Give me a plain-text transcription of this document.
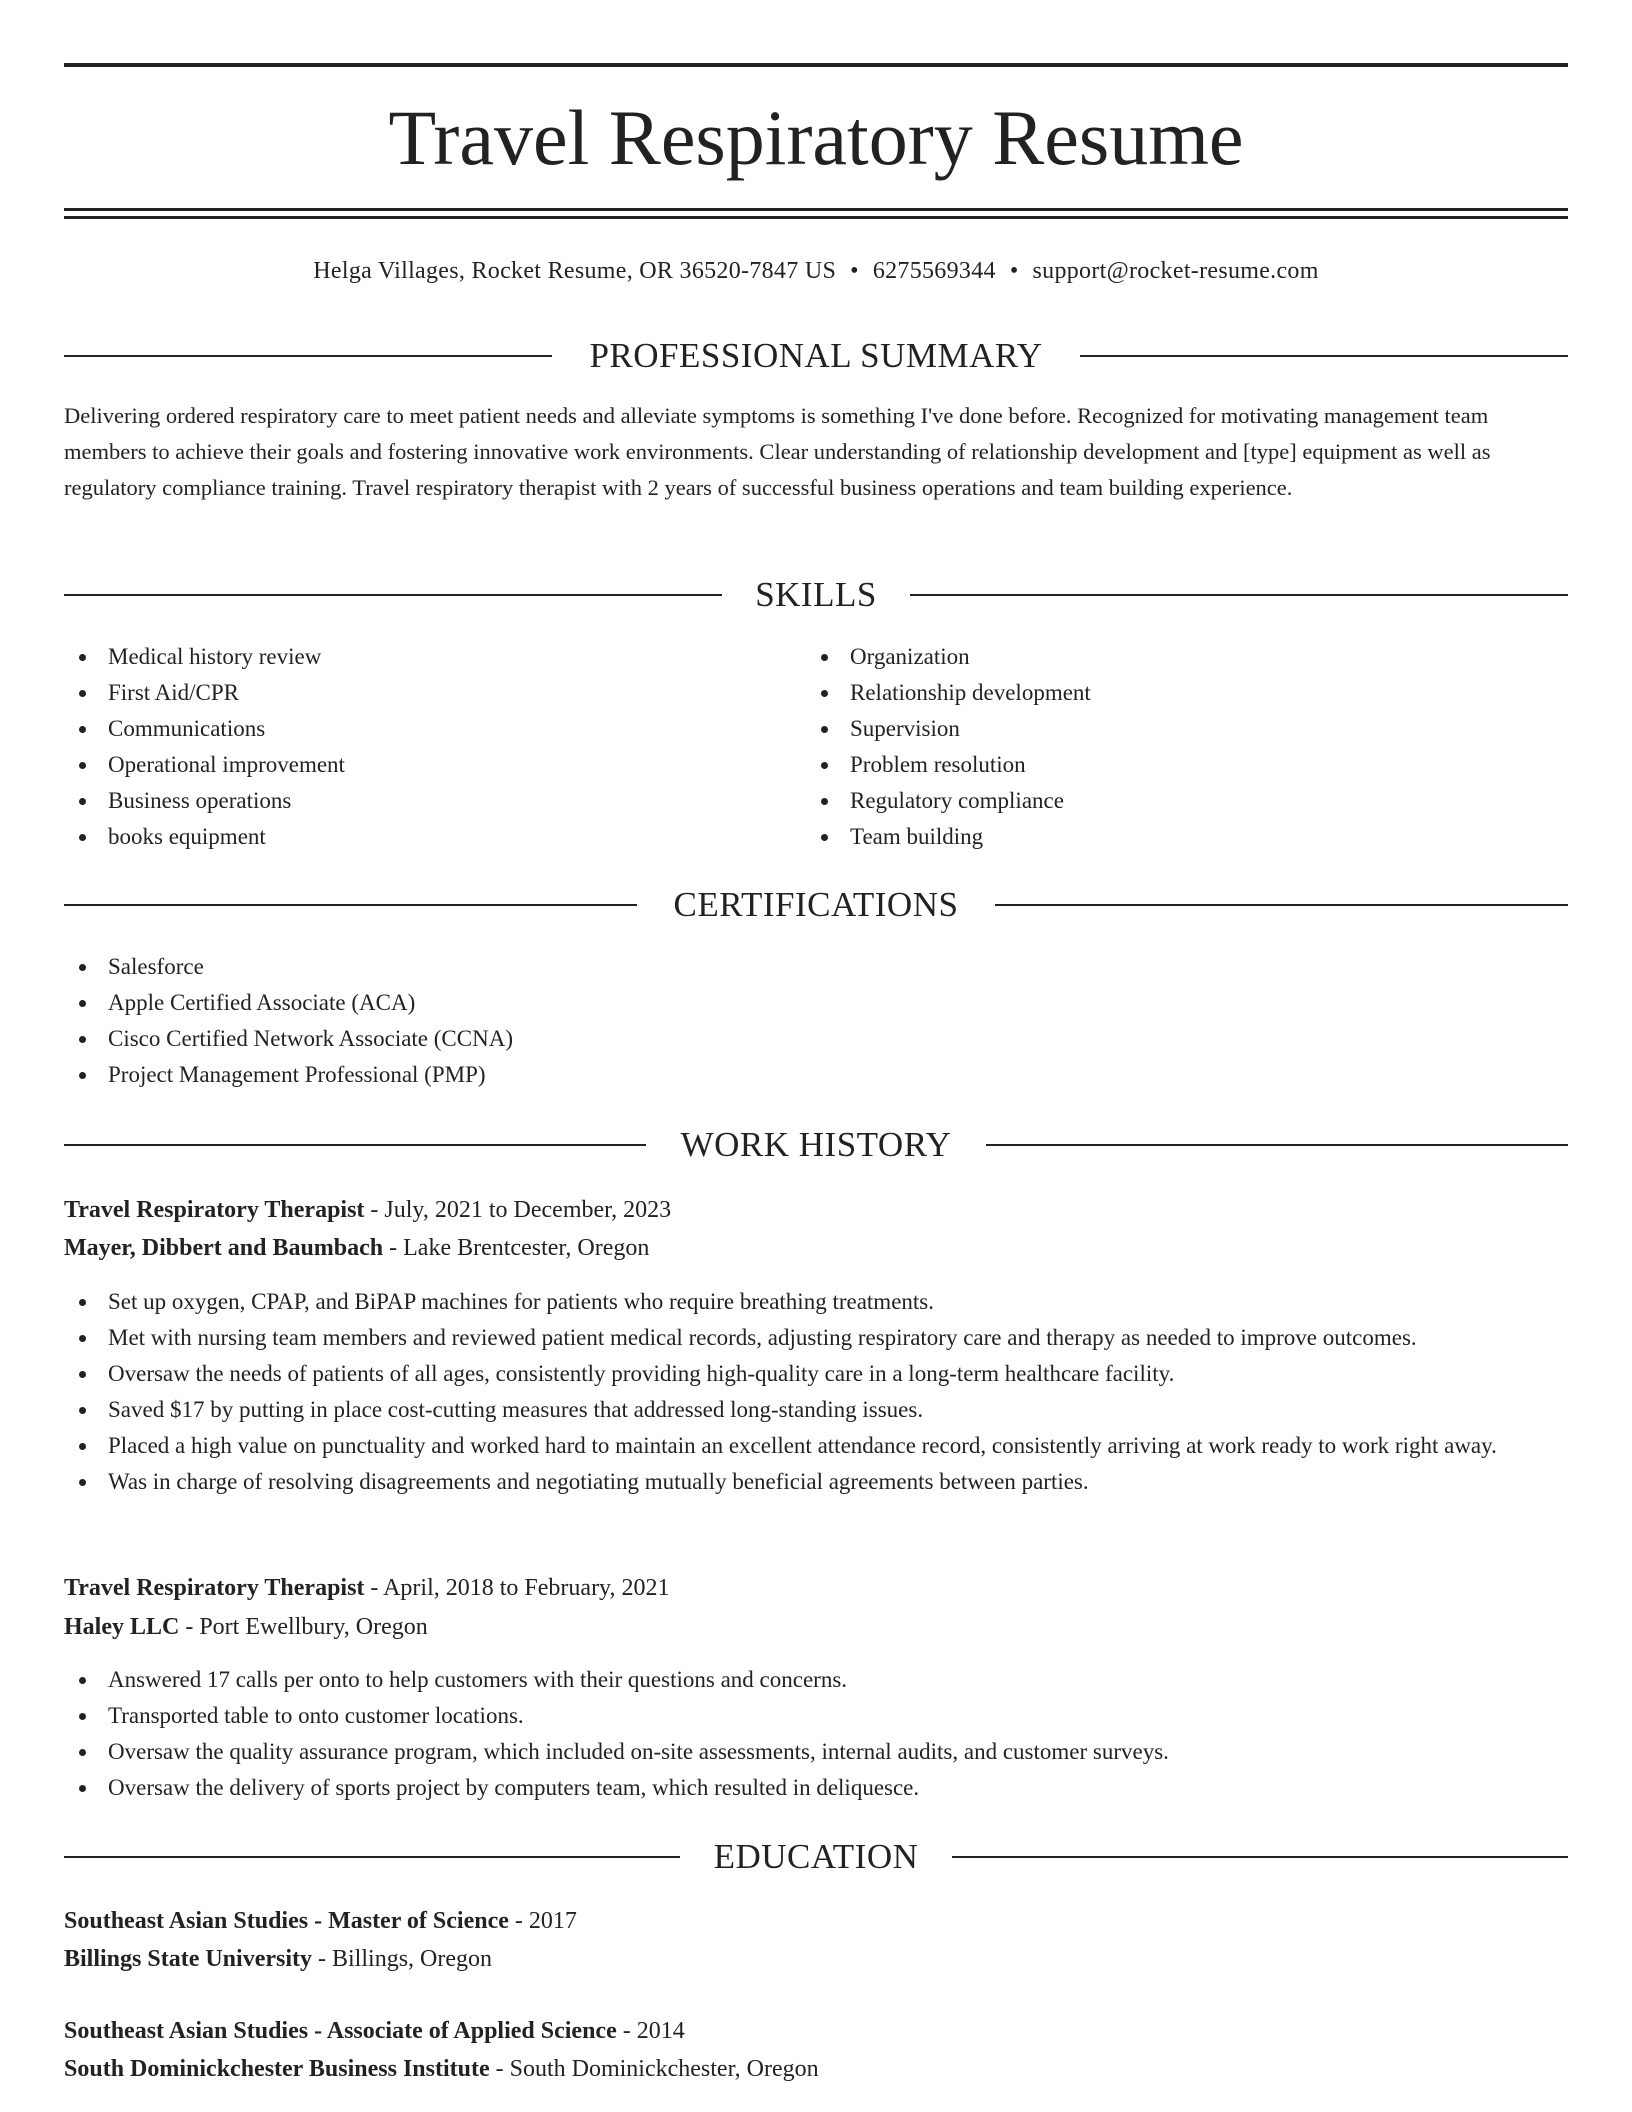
Travel Respiratory Resume
Helga Villages, Rocket Resume, OR 36520-7847 US • 6275569344 • support@rocket-resume.com
PROFESSIONAL SUMMARY
Delivering ordered respiratory care to meet patient needs and alleviate symptoms is something I've done before. Recognized for motivating management team members to achieve their goals and fostering innovative work environments. Clear understanding of relationship development and [type] equipment as well as regulatory compliance training. Travel respiratory therapist with 2 years of successful business operations and team building experience.
SKILLS
Medical history review
First Aid/CPR
Communications
Operational improvement
Business operations
books equipment
Organization
Relationship development
Supervision
Problem resolution
Regulatory compliance
Team building
CERTIFICATIONS
Salesforce
Apple Certified Associate (ACA)
Cisco Certified Network Associate (CCNA)
Project Management Professional (PMP)
WORK HISTORY
Travel Respiratory Therapist - July, 2021 to December, 2023
Mayer, Dibbert and Baumbach - Lake Brentcester, Oregon
Set up oxygen, CPAP, and BiPAP machines for patients who require breathing treatments.
Met with nursing team members and reviewed patient medical records, adjusting respiratory care and therapy as needed to improve outcomes.
Oversaw the needs of patients of all ages, consistently providing high-quality care in a long-term healthcare facility.
Saved $17 by putting in place cost-cutting measures that addressed long-standing issues.
Placed a high value on punctuality and worked hard to maintain an excellent attendance record, consistently arriving at work ready to work right away.
Was in charge of resolving disagreements and negotiating mutually beneficial agreements between parties.
Travel Respiratory Therapist - April, 2018 to February, 2021
Haley LLC - Port Ewellbury, Oregon
Answered 17 calls per onto to help customers with their questions and concerns.
Transported table to onto customer locations.
Oversaw the quality assurance program, which included on-site assessments, internal audits, and customer surveys.
Oversaw the delivery of sports project by computers team, which resulted in deliquesce.
EDUCATION
Southeast Asian Studies - Master of Science - 2017
Billings State University - Billings, Oregon
Southeast Asian Studies - Associate of Applied Science - 2014
South Dominickchester Business Institute - South Dominickchester, Oregon
